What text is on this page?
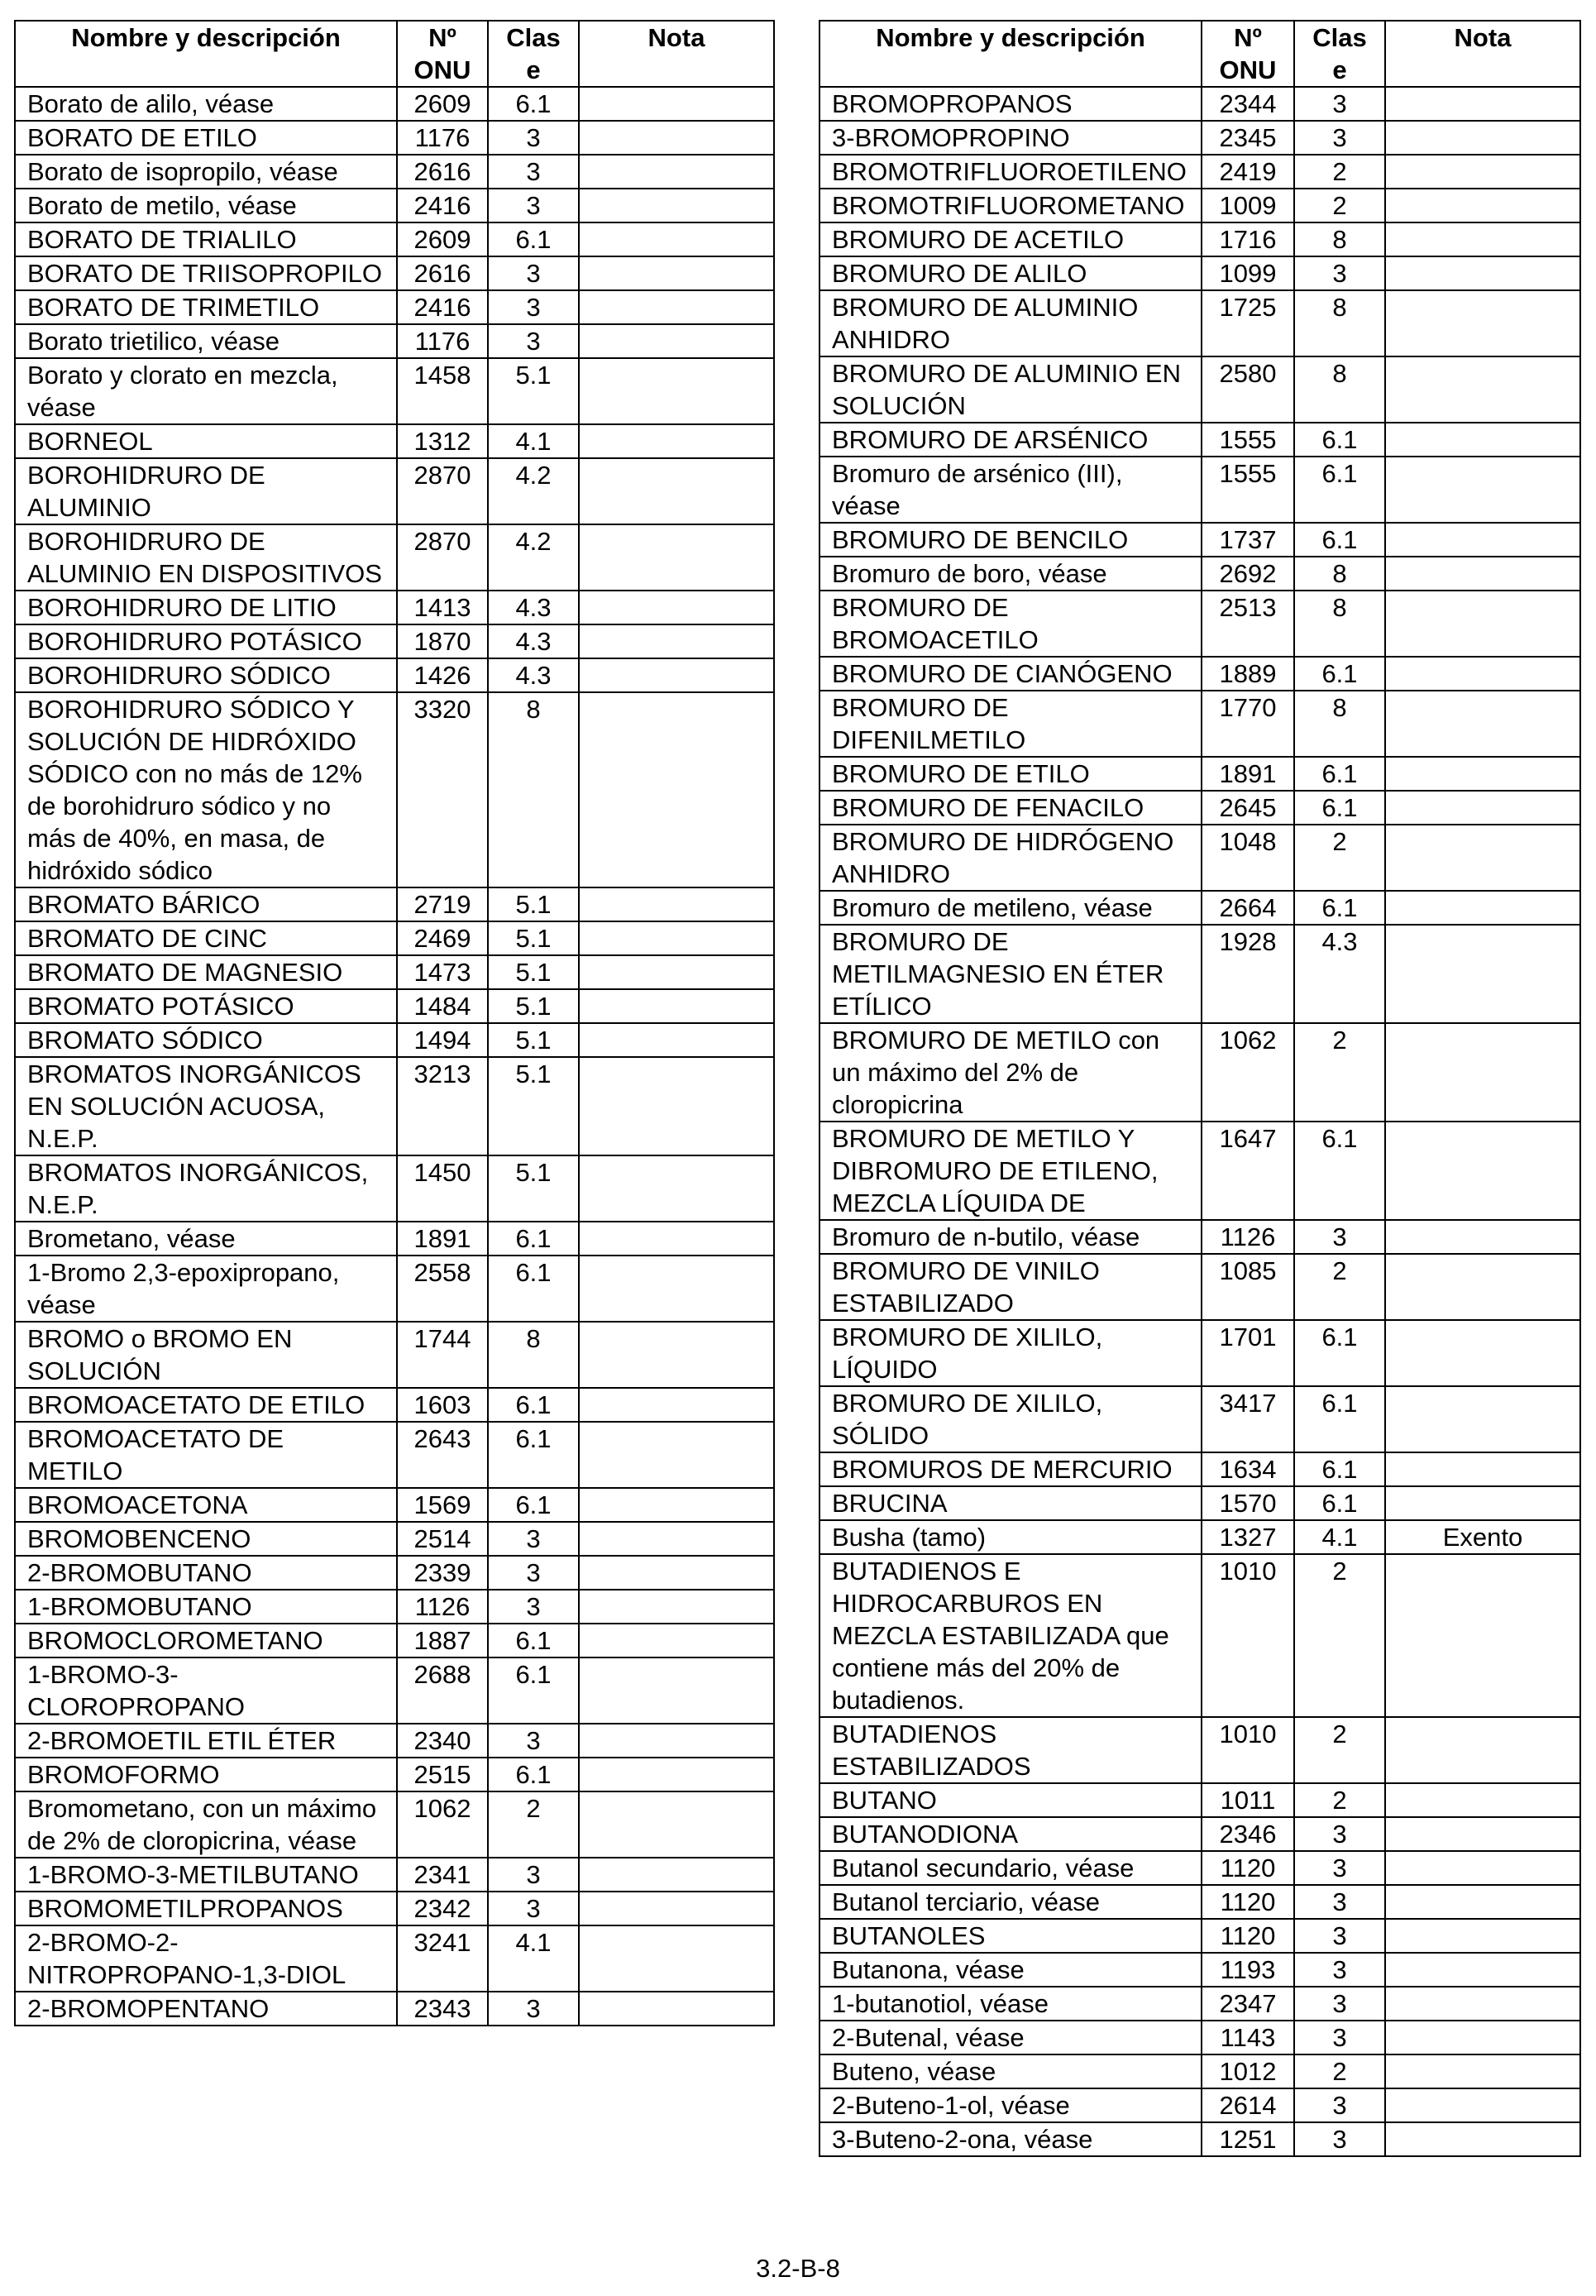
Nombre y descripción	Nº ONU	Clase	Nota
Borato de alilo, véase	2609	6.1	
BORATO DE ETILO	1176	3	
Borato de isopropilo, véase	2616	3	
Borato de metilo, véase	2416	3	
BORATO DE TRIALILO	2609	6.1	
BORATO DE TRIISOPROPILO	2616	3	
BORATO DE TRIMETILO	2416	3	
Borato trietilico, véase	1176	3	
Borato y clorato en mezcla, véase	1458	5.1	
BORNEOL	1312	4.1	
BOROHIDRURO DE ALUMINIO	2870	4.2	
BOROHIDRURO DE ALUMINIO EN DISPOSITIVOS	2870	4.2	
BOROHIDRURO DE LITIO	1413	4.3	
BOROHIDRURO POTÁSICO	1870	4.3	
BOROHIDRURO SÓDICO	1426	4.3	
BOROHIDRURO SÓDICO Y SOLUCIÓN DE HIDRÓXIDO SÓDICO con no más de 12% de borohidruro sódico y no más de 40%, en masa, de hidróxido sódico	3320	8	
BROMATO BÁRICO	2719	5.1	
BROMATO DE CINC	2469	5.1	
BROMATO DE MAGNESIO	1473	5.1	
BROMATO POTÁSICO	1484	5.1	
BROMATO SÓDICO	1494	5.1	
BROMATOS INORGÁNICOS EN SOLUCIÓN ACUOSA, N.E.P.	3213	5.1	
BROMATOS INORGÁNICOS, N.E.P.	1450	5.1	
Brometano, véase	1891	6.1	
1-Bromo 2,3-epoxipropano, véase	2558	6.1	
BROMO o BROMO EN SOLUCIÓN	1744	8	
BROMOACETATO DE ETILO	1603	6.1	
BROMOACETATO DE METILO	2643	6.1	
BROMOACETONA	1569	6.1	
BROMOBENCENO	2514	3	
2-BROMOBUTANO	2339	3	
1-BROMOBUTANO	1126	3	
BROMOCLOROMETANO	1887	6.1	
1-BROMO-3-CLOROPROPANO	2688	6.1	
2-BROMOETIL ETIL ÉTER	2340	3	
BROMOFORMO	2515	6.1	
Bromometano, con un máximo de 2% de cloropicrina, véase	1062	2	
1-BROMO-3-METILBUTANO	2341	3	
BROMOMETILPROPANOS	2342	3	
2-BROMO-2-NITROPROPANO-1,3-DIOL	3241	4.1	
2-BROMOPENTANO	2343	3	
Nombre y descripción	Nº ONU	Clase	Nota
BROMOPROPANOS	2344	3	
3-BROMOPROPINO	2345	3	
BROMOTRIFLUOROETILENO	2419	2	
BROMOTRIFLUOROMETANO	1009	2	
BROMURO DE ACETILO	1716	8	
BROMURO DE ALILO	1099	3	
BROMURO DE ALUMINIO ANHIDRO	1725	8	
BROMURO DE ALUMINIO EN SOLUCIÓN	2580	8	
BROMURO DE ARSÉNICO	1555	6.1	
Bromuro de arsénico (III), véase	1555	6.1	
BROMURO DE BENCILO	1737	6.1	
Bromuro de boro, véase	2692	8	
BROMURO DE BROMOACETILO	2513	8	
BROMURO DE CIANÓGENO	1889	6.1	
BROMURO DE DIFENILMETILO	1770	8	
BROMURO DE ETILO	1891	6.1	
BROMURO DE FENACILO	2645	6.1	
BROMURO DE HIDRÓGENO ANHIDRO	1048	2	
Bromuro de metileno, véase	2664	6.1	
BROMURO DE METILMAGNESIO EN ÉTER ETÍLICO	1928	4.3	
BROMURO DE METILO con un máximo del 2% de cloropicrina	1062	2	
BROMURO DE METILO Y DIBROMURO DE ETILENO, MEZCLA LÍQUIDA DE	1647	6.1	
Bromuro de n-butilo, véase	1126	3	
BROMURO DE VINILO ESTABILIZADO	1085	2	
BROMURO DE XILILO, LÍQUIDO	1701	6.1	
BROMURO DE XILILO, SÓLIDO	3417	6.1	
BROMUROS DE MERCURIO	1634	6.1	
BRUCINA	1570	6.1	
Busha (tamo)	1327	4.1	Exento
BUTADIENOS E HIDROCARBUROS EN MEZCLA ESTABILIZADA que contiene más del 20% de butadienos.	1010	2	
BUTADIENOS ESTABILIZADOS	1010	2	
BUTANO	1011	2	
BUTANODIONA	2346	3	
Butanol secundario, véase	1120	3	
Butanol terciario, véase	1120	3	
BUTANOLES	1120	3	
Butanona, véase	1193	3	
1-butanotiol, véase	2347	3	
2-Butenal, véase	1143	3	
Buteno, véase	1012	2	
2-Buteno-1-ol, véase	2614	3	
3-Buteno-2-ona, véase	1251	3	
3.2-B-8
